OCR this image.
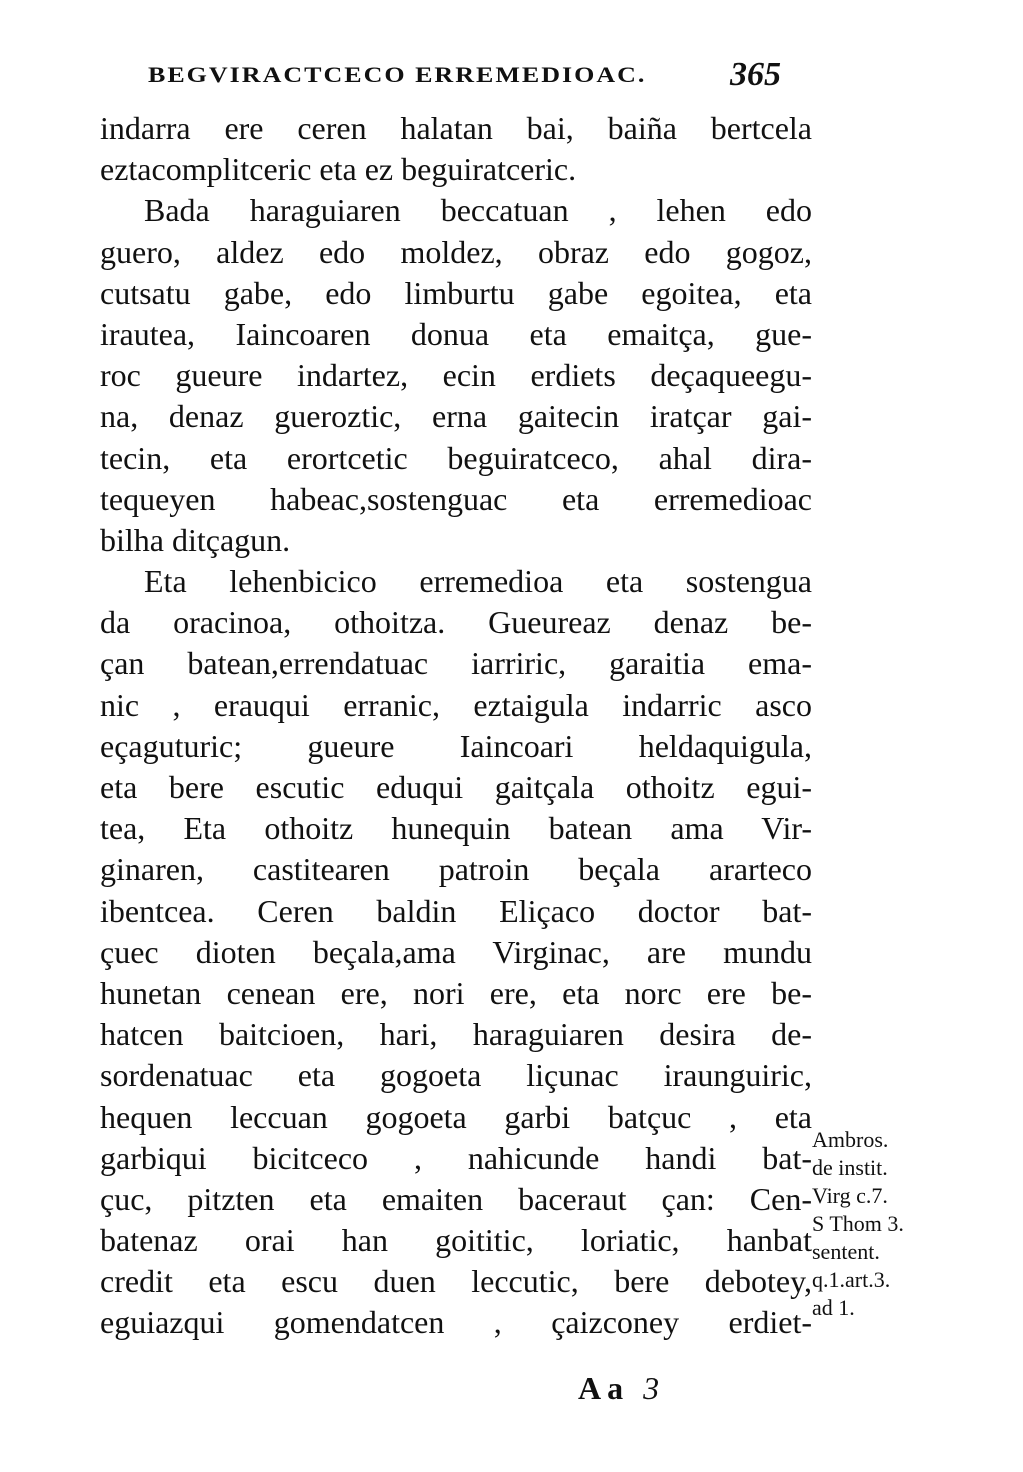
BEGVIRACTCECO ERREMEDIOAC. 365
indarra ere ceren halatan bai, baiña bertcela
eztacomplitceric eta ez beguiratceric.
Bada haraguiaren beccatuan , lehen edo
guero, aldez edo moldez, obraz edo gogoz,
cutsatu gabe, edo limburtu gabe egoitea, eta
irautea, Iaincoaren donua eta emaitça, gue-
roc gueure indartez, ecin erdiets deçaqueegu-
na, denaz gueroztic, erna gaitecin iratçar gai-
tecin, eta erortcetic beguiratceco, ahal dira-
tequeyen habeac,sostenguac eta erremedioac
bilha ditçagun.
Eta lehenbicico erremedioa eta sostengua
da oracinoa, othoitza. Gueureaz denaz be-
çan batean,errendatuac iarriric, garaitia ema-
nic , erauqui erranic, eztaigula indarric asco
eçaguturic; gueure Iaincoari heldaquigula,
eta bere escutic eduqui gaitçala othoitz egui-
tea, Eta othoitz hunequin batean ama Vir-
ginaren, castitearen patroin beçala ararteco
ibentcea. Ceren baldin Eliçaco doctor bat-
çuec dioten beçala,ama Virginac, are mundu
hunetan cenean ere, nori ere, eta norc ere be-
hatcen baitcioen, hari, haraguiaren desira de-
sordenatuac eta gogoeta liçunac iraunguiric,
hequen leccuan gogoeta garbi batçuc , eta
garbiqui bicitceco , nahicunde handi bat-
çuc, pitzten eta emaiten baceraut çan: Cen-
batenaz orai han goititic, loriatic, hanbat
credit eta escu duen leccutic, bere debotey,
eguiazqui gomendatcen , çaizconey erdiet-
Ambros.
de instit.
Virg c.7.
S Thom 3.
sentent.
q.1.art.3.
ad 1.
Aa 3
